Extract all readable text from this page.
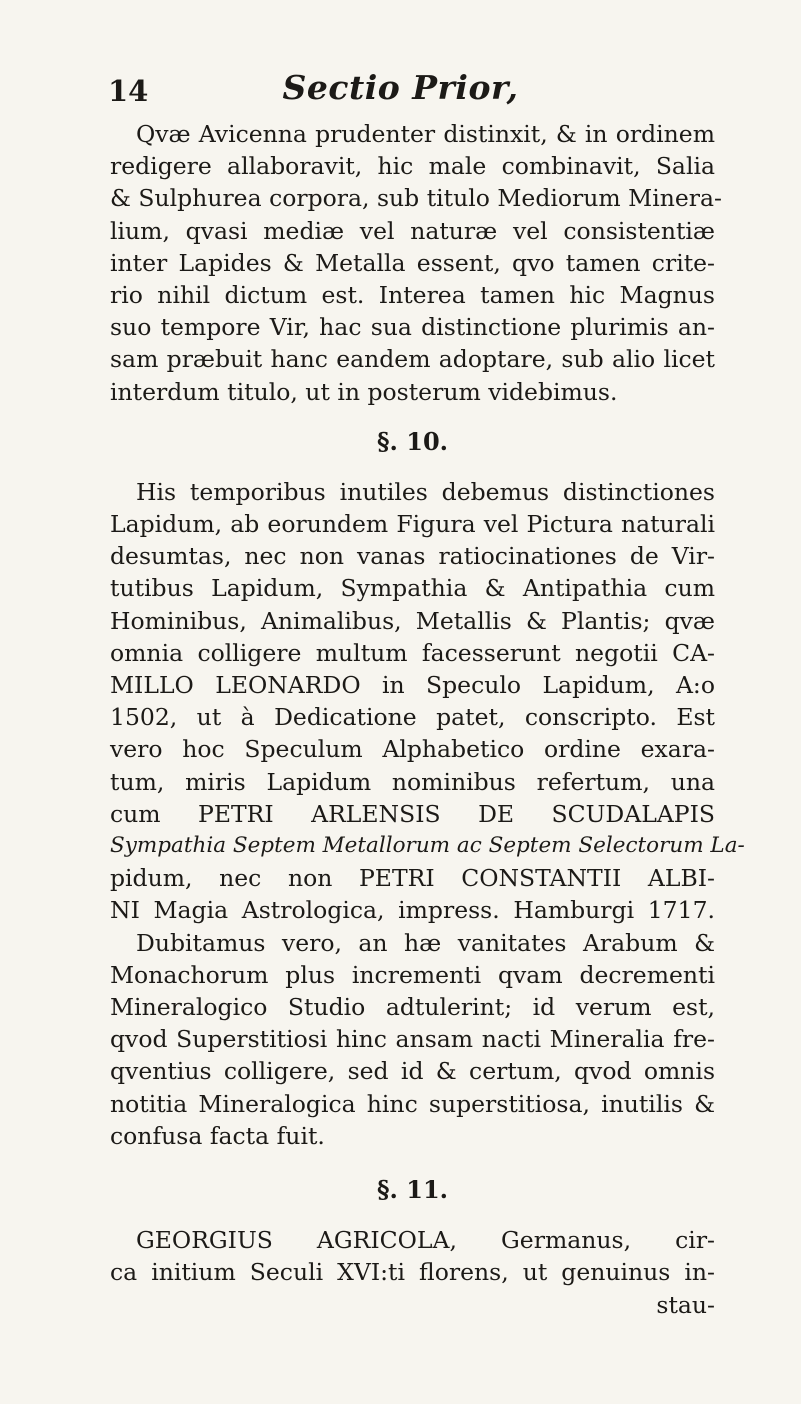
14	Sectio Prior,
Qvæ Avicenna prudenter distinxit, & in ordinem
redigere allaboravit, hic male combinavit, Salia
& Sulphurea corpora, sub titulo Mediorum Minera-
lium, qvasi mediæ vel naturæ vel consistentiæ
inter Lapides & Metalla essent, qvo tamen crite-
rio nihil dictum est. Interea tamen hic Magnus
suo tempore Vir, hac sua distinctione plurimis an-
sam præbuit hanc eandem adoptare, sub alio licet
interdum titulo, ut in posterum videbimus.
§. 10.
His temporibus inutiles debemus distinctiones
Lapidum, ab eorundem Figura vel Pictura naturali
desumtas, nec non vanas ratiocinationes de Vir-
tutibus Lapidum, Sympathia & Antipathia cum
Hominibus, Animalibus, Metallis & Plantis; qvæ
omnia colligere multum facesserunt negotii CA-
MILLO LEONARDO in Speculo Lapidum, A:o
1502, ut à Dedicatione patet, conscripto. Est
vero hoc Speculum Alphabetico ordine exara-
tum, miris Lapidum nominibus refertum, una
cum PETRI ARLENSIS DE SCUDALAPIS
Sympathia Septem Metallorum ac Septem Selectorum La-
pidum, nec non PETRI CONSTANTII ALBI-
NI Magia Astrologica, impress. Hamburgi 1717.
Dubitamus vero, an hæ vanitates Arabum &
Monachorum plus incrementi qvam decrementi
Mineralogico Studio adtulerint; id verum est,
qvod Superstitiosi hinc ansam nacti Mineralia fre-
qventius colligere, sed id & certum, qvod omnis
notitia Mineralogica hinc superstitiosa, inutilis &
confusa facta fuit.
§. 11.
GEORGIUS AGRICOLA, Germanus, cir-
ca initium Seculi XVI:ti florens, ut genuinus in-
stau-
